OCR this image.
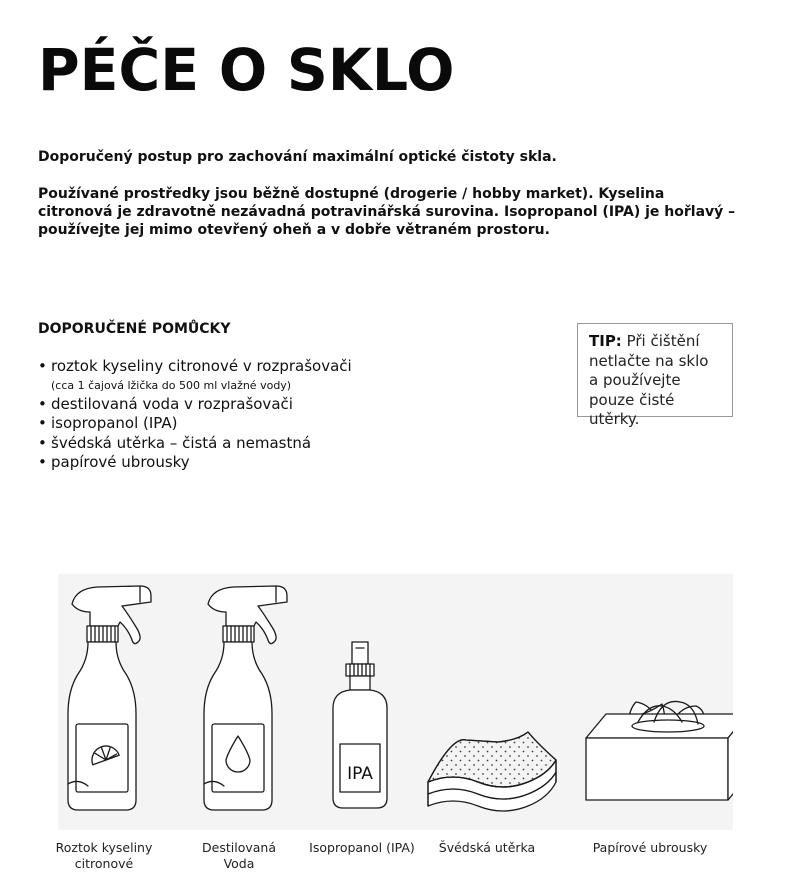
PÉČE O SKLO

Doporučený postup pro zachování maximální optické čistoty skla.

Používané prostředky jsou běžně dostupné (drogerie / hobby market). Kyselina citronová je zdravotně nezávadná potravinářská surovina. Isopropanol (IPA) je hořlavý – používejte jej mimo otevřený oheň a v dobře větraném prostoru.

DOPORUČENÉ POMŮCKY
• roztok kyseliny citronové v rozprašovači
(cca 1 čajová lžička do 500 ml vlažné vody)
• destilovaná voda v rozprašovači
• isopropanol (IPA)
• švédská utěrka – čistá a nemastná
• papírové ubrousky
TIP: Při čištění netlačte na sklo a používejte pouze čisté utěrky.
IPA
Roztok kyseliny citronové
Destilovaná Voda
Isopropanol (IPA)	Švédská utěrka	Papírové ubrousky
